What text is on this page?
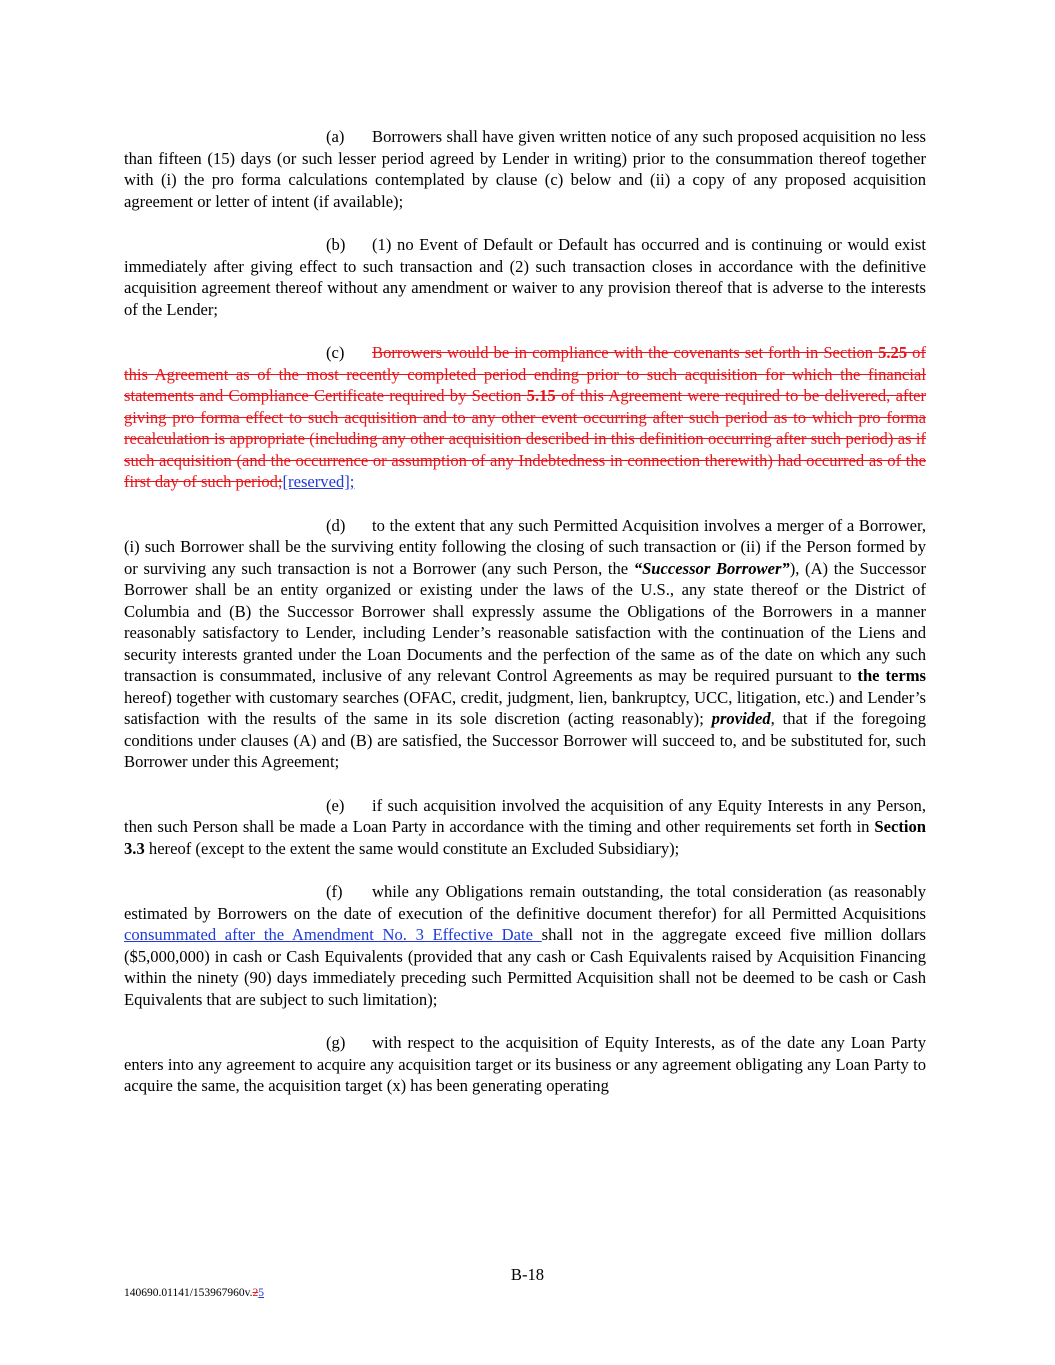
(a) Borrowers shall have given written notice of any such proposed acquisition no less than fifteen (15) days (or such lesser period agreed by Lender in writing) prior to the consummation thereof together with (i) the pro forma calculations contemplated by clause (c) below and (ii) a copy of any proposed acquisition agreement or letter of intent (if available);

(b) (1) no Event of Default or Default has occurred and is continuing or would exist immediately after giving effect to such transaction and (2) such transaction closes in accordance with the definitive acquisition agreement thereof without any amendment or waiver to any provision thereof that is adverse to the interests of the Lender;

(c) Borrowers would be in compliance with the covenants set forth in Section 5.25 of this Agreement as of the most recently completed period ending prior to such acquisition for which the financial statements and Compliance Certificate required by Section 5.15 of this Agreement were required to be delivered, after giving pro forma effect to such acquisition and to any other event occurring after such period as to which pro forma recalculation is appropriate (including any other acquisition described in this definition occurring after such period) as if such acquisition (and the occurrence or assumption of any Indebtedness in connection therewith) had occurred as of the first day of such period;[reserved];

(d) to the extent that any such Permitted Acquisition involves a merger of a Borrower, (i) such Borrower shall be the surviving entity following the closing of such transaction or (ii) if the Person formed by or surviving any such transaction is not a Borrower (any such Person, the “Successor Borrower”), (A) the Successor Borrower shall be an entity organized or existing under the laws of the U.S., any state thereof or the District of Columbia and (B) the Successor Borrower shall expressly assume the Obligations of the Borrowers in a manner reasonably satisfactory to Lender, including Lender’s reasonable satisfaction with the continuation of the Liens and security interests granted under the Loan Documents and the perfection of the same as of the date on which any such transaction is consummated, inclusive of any relevant Control Agreements as may be required pursuant to the terms hereof) together with customary searches (OFAC, credit, judgment, lien, bankruptcy, UCC, litigation, etc.) and Lender’s satisfaction with the results of the same in its sole discretion (acting reasonably); provided, that if the foregoing conditions under clauses (A) and (B) are satisfied, the Successor Borrower will succeed to, and be substituted for, such Borrower under this Agreement;

(e) if such acquisition involved the acquisition of any Equity Interests in any Person, then such Person shall be made a Loan Party in accordance with the timing and other requirements set forth in Section 3.3 hereof (except to the extent the same would constitute an Excluded Subsidiary);

(f) while any Obligations remain outstanding, the total consideration (as reasonably estimated by Borrowers on the date of execution of the definitive document therefor) for all Permitted Acquisitions consummated after the Amendment No. 3 Effective Date shall not in the aggregate exceed five million dollars ($5,000,000) in cash or Cash Equivalents (provided that any cash or Cash Equivalents raised by Acquisition Financing within the ninety (90) days immediately preceding such Permitted Acquisition shall not be deemed to be cash or Cash Equivalents that are subject to such limitation);

(g) with respect to the acquisition of Equity Interests, as of the date any Loan Party enters into any agreement to acquire any acquisition target or its business or any agreement obligating any Loan Party to acquire the same, the acquisition target (x) has been generating operating

B-18
140690.01141/153967960v.25
